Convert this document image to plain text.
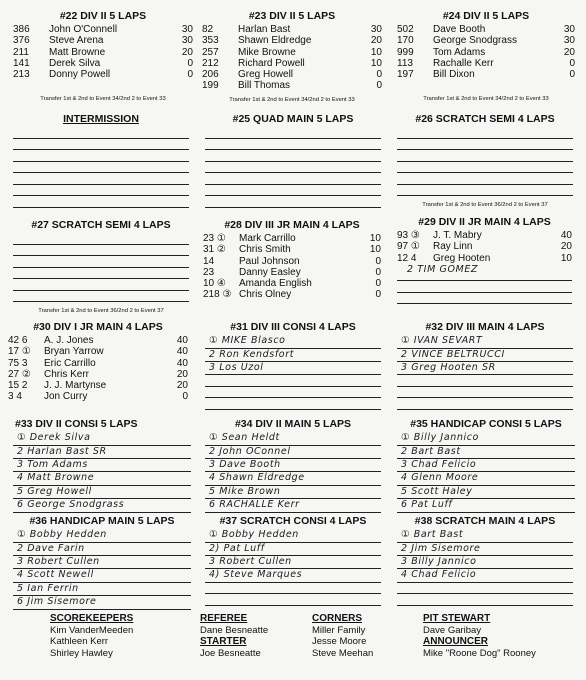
#22 DIV II 5 LAPS
386	John O'Connell	30
376	Steve Arena	30
211	Matt Browne	20
141	Derek Silva	0
213	Donny Powell	0
Transfer 1st & 2nd to Event 34/2nd 2 to Event 33
#23 DIV II 5 LAPS
82	Harlan Bast	30
353	Shawn Eldredge	20
257	Mike Browne	10
212	Richard Powell	10
206	Greg Howell	0
199	Bill Thomas	0
Transfer 1st & 2nd to Event 34/2nd 2 to Event 33
#24 DIV II 5 LAPS
502	Dave Booth	30
170	George Snodgrass	30
999	Tom Adams	20
113	Rachalle Kerr	0
197	Bill Dixon	0
Transfer 1st & 2nd to Event 34/2nd 2 to Event 33
INTERMISSION	#25 QUAD MAIN 5 LAPS	#26 SCRATCH SEMI 4 LAPS
Transfer 1st & 2nd to Event 36/2nd 2 to Event 37
#27 SCRATCH SEMI 4 LAPS
Transfer 1st & 2nd to Event 36/2nd 2 to Event 37
#28 DIV III JR MAIN 4 LAPS
23 ①	Mark Carrillo	10
31 ②	Chris Smith	10
14	Paul Johnson	0
23	Danny Easley	0
10 ④	Amanda English	0
218 ③ Chris Olney	0
#29 DIV II JR MAIN 4 LAPS
93 ③	J. T. Mabry	40
97 ①	Ray Linn	20
12 4	Greg Hooten	10
2 TIM GOMEZ
#30 DIV I JR MAIN 4 LAPS
42 6	A. J. Jones	40
17 ①	Bryan Yarrow	40
75 3	Eric Carrillo	40
27 ②	Chris Kerr	20
15 2	J. J. Martynse	20
3 4	Jon Curry	0
#31 DIV III CONSI 4 LAPS
① MIKE Blasco
2 Ron Kendsfort
3 Los Uzol
#32 DIV III MAIN 4 LAPS
① IVAN SEVART
2 VINCE BELTRUCCI
3 Greg Hooten SR
#33 DIV II CONSI 5 LAPS
① Derek Silva
2 Harlan Bast SR
3 Tom Adams
4 Matt Browne
5 Greg Howell
6 George Snodgrass
#34 DIV II MAIN 5 LAPS
① Sean Heldt
2 John OConnel
3 Dave Booth
4 Shawn Eldredge
5 Mike Brown
6 RACHALLE Kerr
#35 HANDICAP CONSI 5 LAPS
① Billy Jannico
2 Bart Bast
3 Chad Felicio
4 Glenn Moore
5 Scott Haley
6 Pat Luff
#36 HANDICAP MAIN 5 LAPS
① Bobby Hedden
2 Dave Farin
3 Robert Cullen
4 Scott Newell
5 Ian Ferrin
6 Jim Sisemore
#37 SCRATCH CONSI 4 LAPS
① Bobby Hedden
2) Pat Luff
3 Robert Cullen
4) Steve Marques
#38 SCRATCH MAIN 4 LAPS
① Bart Bast
2 Jim Sisemore
3 Billy Jannico
4 Chad Felicio
SCOREKEEPERS
Kim VanderMeeden
Kathleen Kerr
Shirley Hawley
REFEREE
Dane Besneatte
STARTER
Joe Besneatte
CORNERS
Miller Family
Jesse Moore
Steve Meehan
PIT STEWART
Dave Garibay
ANNOUNCER
Mike "Roone Dog" Rooney
